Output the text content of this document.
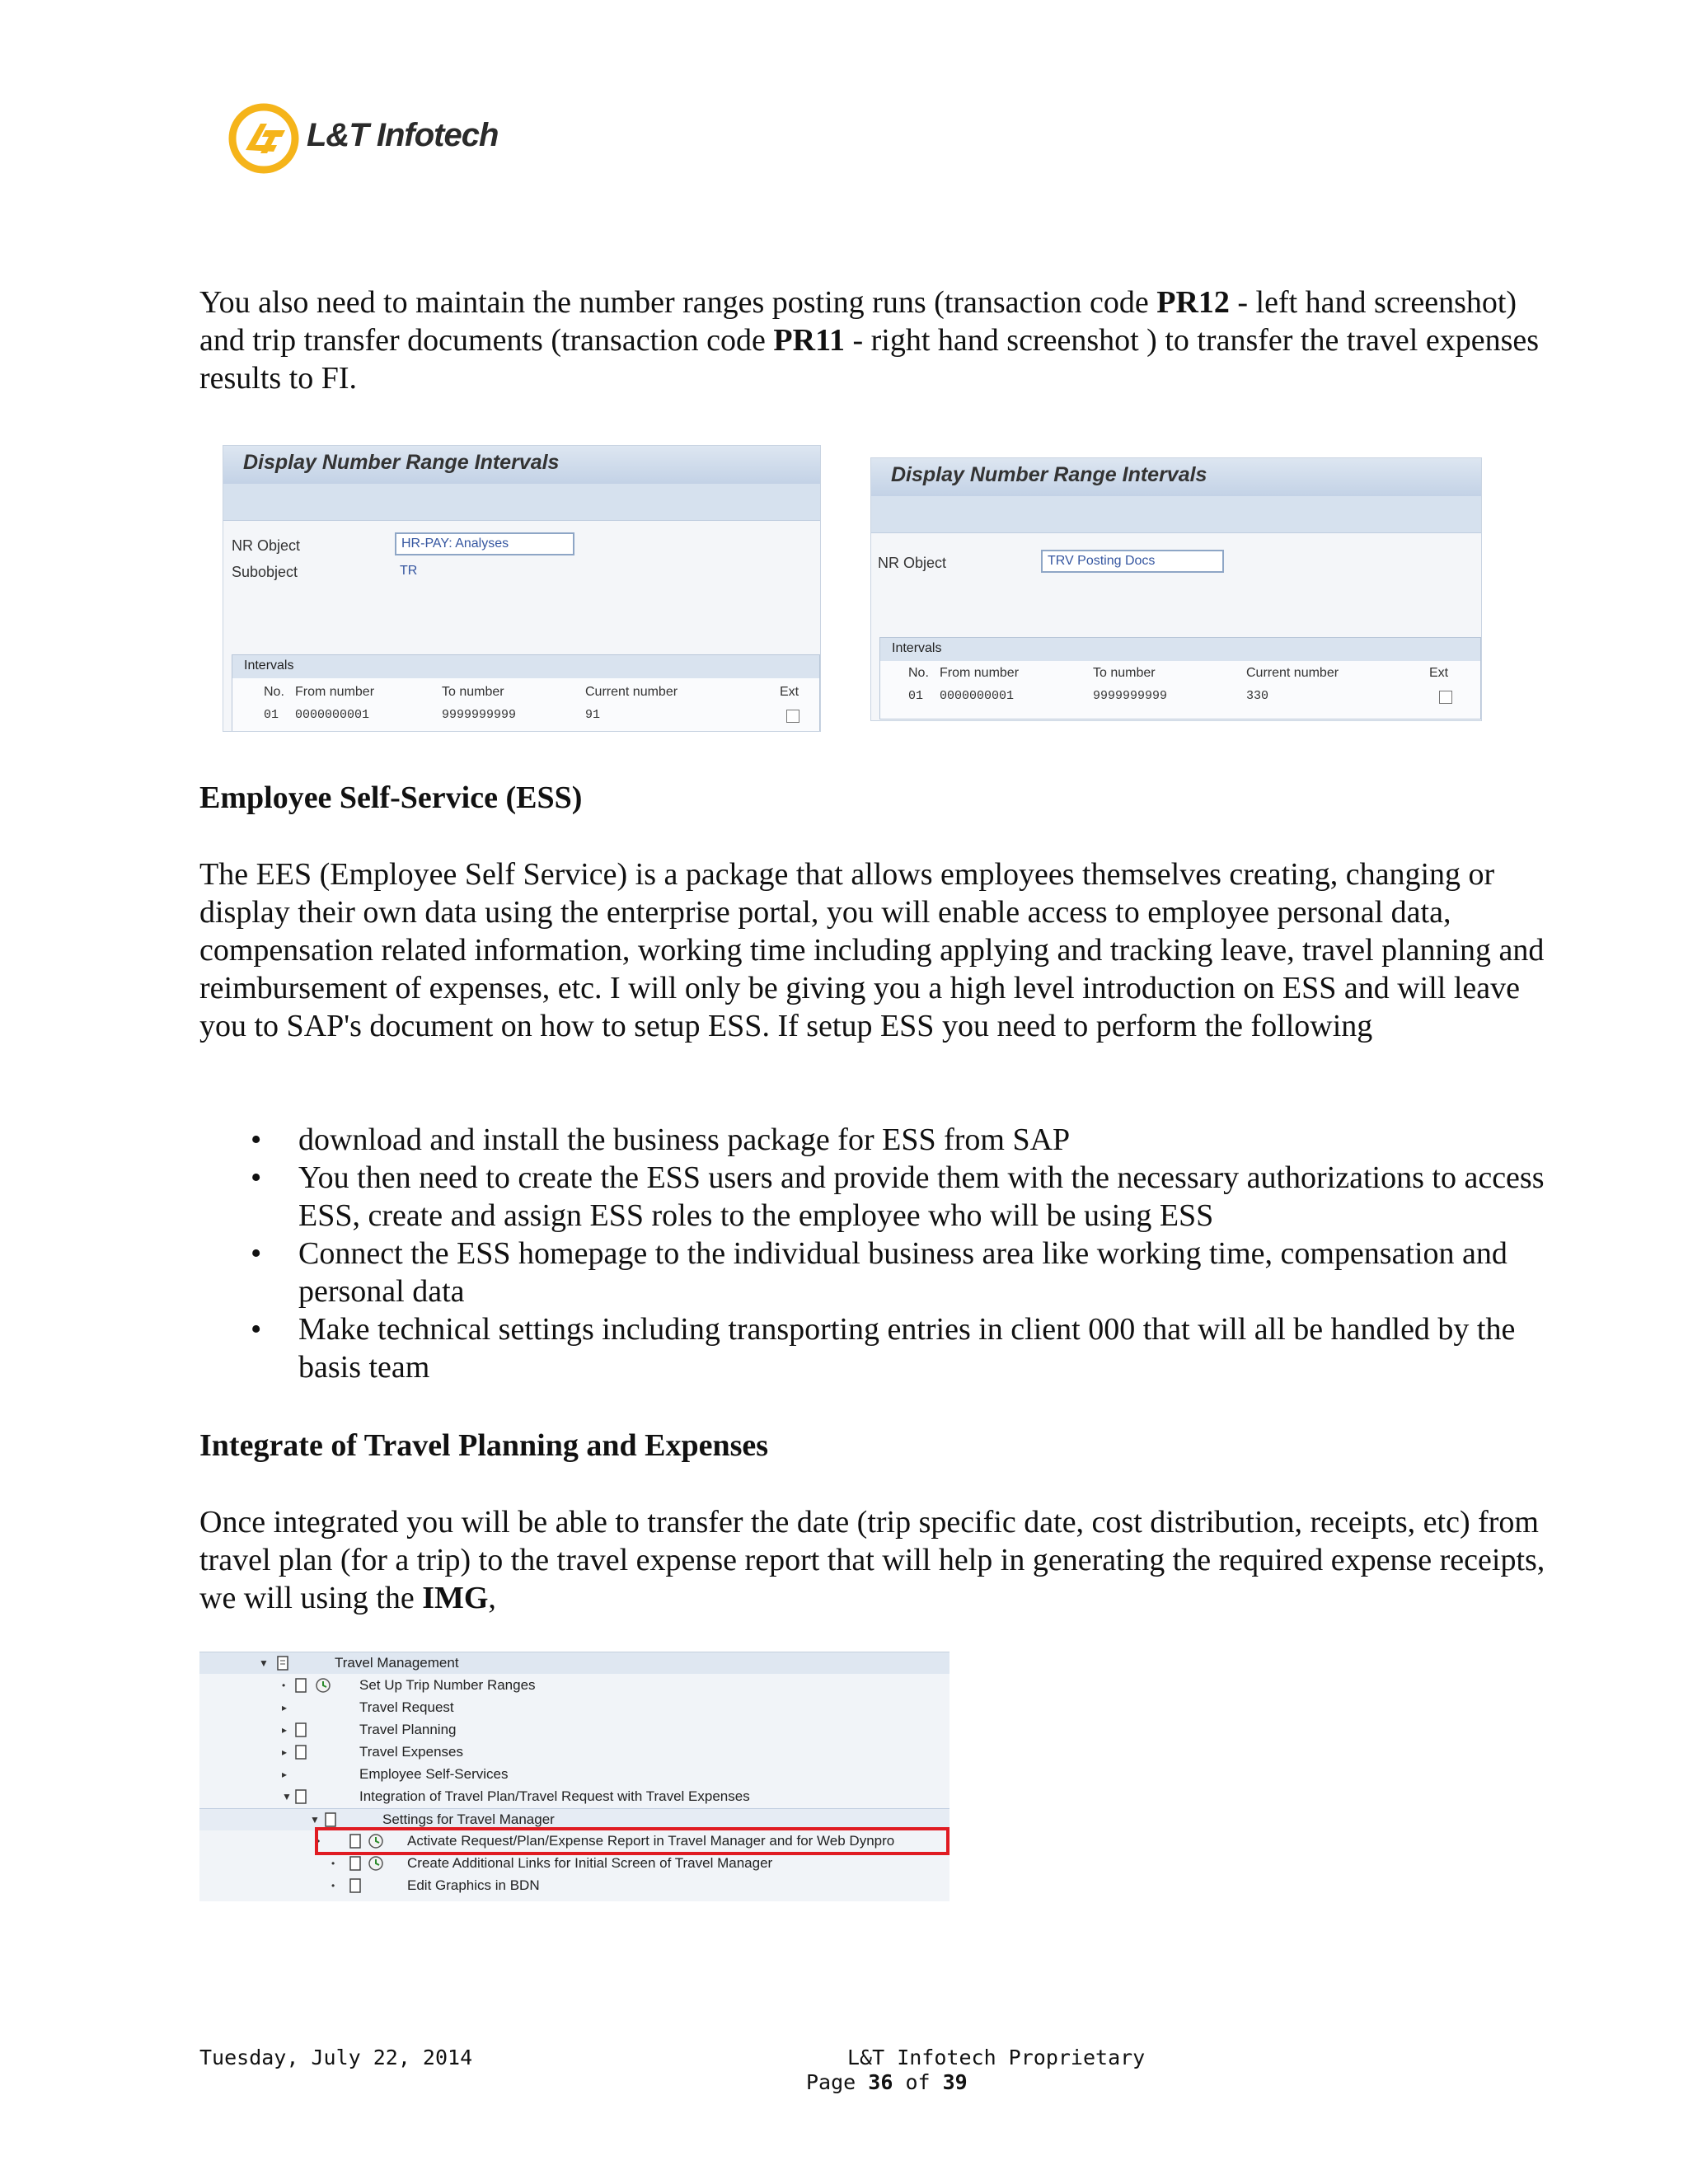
L&T Infotech
You also need to maintain the number ranges posting runs (transaction code PR12 - left hand screenshot) and trip transfer documents (transaction code PR11 - right hand screenshot ) to transfer the travel expenses results to FI.
Display Number Range Intervals
NR Object	HR-PAY: Analyses
Subobject	TR
Intervals
No. From number	To number	Current number	Ext
01 0000000001	9999999999	91
Display Number Range Intervals
NR Object	TRV Posting Docs
Intervals
No. From number	To number	Current number	Ext
01 0000000001	9999999999	330
Employee Self-Service (ESS)
The EES (Employee Self Service) is a package that allows employees themselves creating, changing or display their own data using the enterprise portal, you will enable access to employee personal data, compensation related information, working time including applying and tracking leave, travel planning and reimbursement of expenses, etc. I will only be giving you a high level introduction on ESS and will leave you to SAP's document on how to setup ESS. If setup ESS you need to perform the following
• download and install the business package for ESS from SAP
• You then need to create the ESS users and provide them with the necessary authorizations to access ESS, create and assign ESS roles to the employee who will be using ESS
• Connect the ESS homepage to the individual business area like working time, compensation and personal data
• Make technical settings including transporting entries in client 000 that will all be handled by the basis team
Integrate of Travel Planning and Expenses
Once integrated you will be able to transfer the date (trip specific date, cost distribution, receipts, etc) from travel plan (for a trip) to the travel expense report that will help in generating the required expense receipts, we will using the IMG,
▼	Travel Management
•	Set Up Trip Number Ranges
▸	Travel Request
▸	Travel Planning
▸	Travel Expenses
▸	Employee Self-Services
▼	Integration of Travel Plan/Travel Request with Travel Expenses
▼	Settings for Travel Manager
•	Activate Request/Plan/Expense Report in Travel Manager and for Web Dynpro
•	Create Additional Links for Initial Screen of Travel Manager
•	Edit Graphics in BDN
Tuesday, July 22, 2014	L&T Infotech Proprietary
Page 36 of 39
